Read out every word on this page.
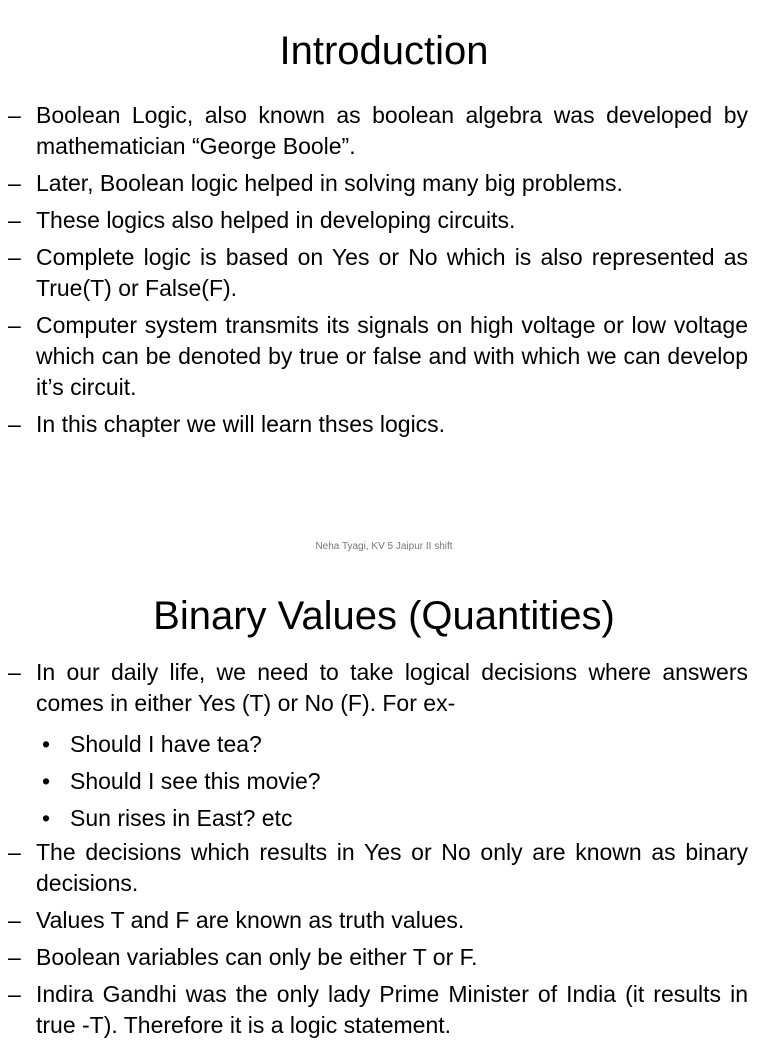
Introduction
– Boolean Logic, also known as boolean algebra was developed by mathematician “George Boole”.
– Later, Boolean logic helped in solving many big problems.
– These logics also helped in developing circuits.
– Complete logic is based on Yes or No which is also represented as True(T) or False(F).
– Computer system transmits its signals on high voltage or low voltage which can be denoted by true or false and with which we can develop it’s circuit.
– In this chapter we will learn thses logics.
Neha Tyagi, KV 5 Jaipur II shift
Binary Values (Quantities)
– In our daily life, we need to take logical decisions where answers comes in either Yes (T) or No (F). For ex-
• Should I have tea?
• Should I see this movie?
• Sun rises in East? etc
– The decisions which results in Yes or No only are known as binary decisions.
– Values T and F are known as truth values.
– Boolean variables can only be either T or F.
– Indira Gandhi was the only lady Prime Minister of India (it results in true -T). Therefore it is a logic statement.
